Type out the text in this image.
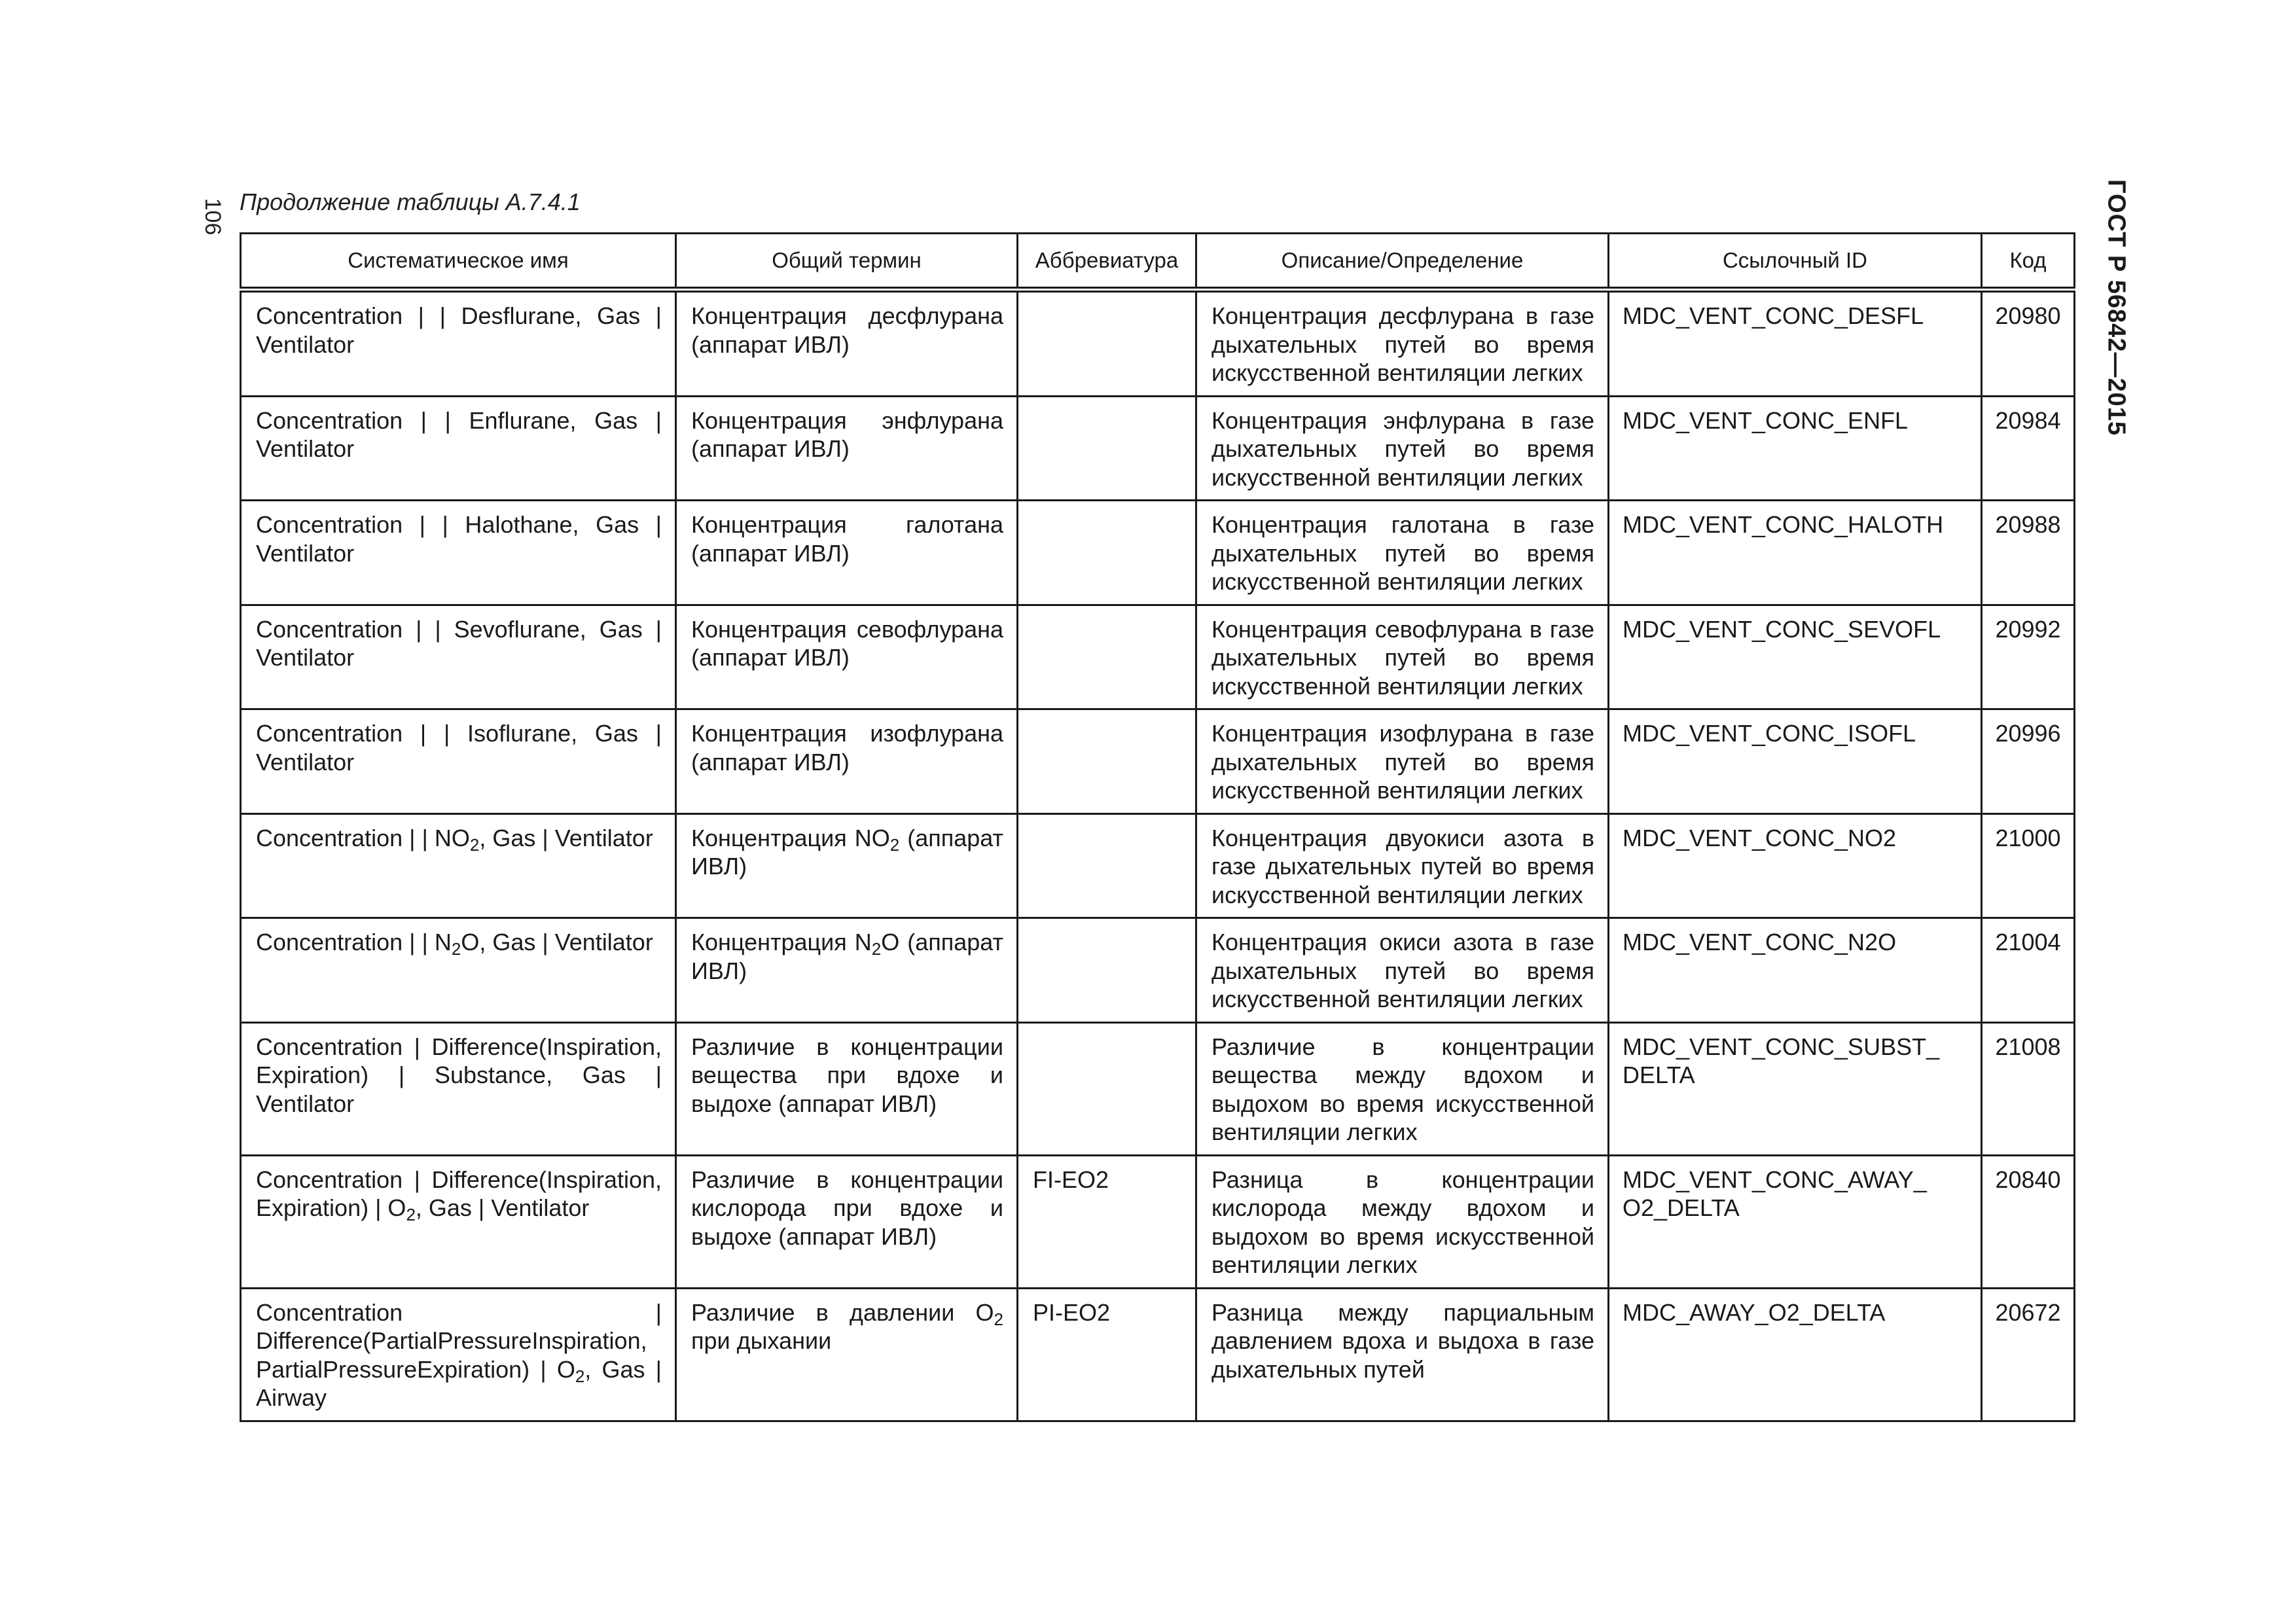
106	ГОСТ Р 56842—2015
Продолжение таблицы А.7.4.1
Систематическое имя	Общий термин	Аббревиатура	Описание/Определение	Ссылочный ID	Код
Concentration | | Desflurane, Gas | Ventilator	Концентрация десфлурана (аппарат ИВЛ)		Концентрация десфлурана в газе дыхательных путей во время искусственной вентиляции легких	MDC_VENT_CONC_DESFL	20980
Concentration | | Enflurane, Gas | Ventilator	Концентрация энфлурана (аппарат ИВЛ)		Концентрация энфлурана в газе дыхательных путей во время искусственной вентиляции легких	MDC_VENT_CONC_ENFL	20984
Concentration | | Halothane, Gas | Ventilator	Концентрация галотана (аппарат ИВЛ)		Концентрация галотана в газе дыхательных путей во время искусственной вентиляции легких	MDC_VENT_CONC_HALOTH	20988
Concentration | | Sevoflurane, Gas | Ventilator	Концентрация севофлурана (аппарат ИВЛ)		Концентрация севофлурана в газе дыхательных путей во время искусственной вентиляции легких	MDC_VENT_CONC_SEVOFL	20992
Concentration | | Isoflurane, Gas | Ventilator	Концентрация изофлурана (аппарат ИВЛ)		Концентрация изофлурана в газе дыхательных путей во время искусственной вентиляции легких	MDC_VENT_CONC_ISOFL	20996
Concentration | | $NO_2$, Gas | Ventilator	Концентрация $NO_2$ (аппарат ИВЛ)		Концентрация двуокиси азота в газе дыхательных путей во время искусственной вентиляции легких	MDC_VENT_CONC_NO2	21000
Concentration | | $N_2O$, Gas | Ventilator	Концентрация $N_2O$ (аппарат ИВЛ)		Концентрация окиси азота в газе дыхательных путей во время искусственной вентиляции легких	MDC_VENT_CONC_N2O	21004
Concentration | Difference(Inspiration, Expiration) | Substance, Gas | Ventilator	Различие в концентрации вещества при вдохе и выдохе (аппарат ИВЛ)		Различие в концентрации вещества между вдохом и выдохом во время искусственной вентиляции легких	MDC_VENT_CONC_SUBST_ DELTA	21008
Concentration | Difference(Inspiration, Expiration) | $O_2$, Gas | Ventilator	Различие в концентрации кислорода при вдохе и выдохе (аппарат ИВЛ)	FI-EO2	Разница в концентрации кислорода между вдохом и выдохом во время искусственной вентиляции легких	MDC_VENT_CONC_AWAY_ O2_DELTA	20840
Concentration | Difference(PartialPressureInspiration, PartialPressureExpiration) | $O_2$, Gas | Airway	Различие в давлении $O_2$ при дыхании	PI-EO2	Разница между парциальным давлением вдоха и выдоха в газе дыхательных путей	MDC_AWAY_O2_DELTA	20672
